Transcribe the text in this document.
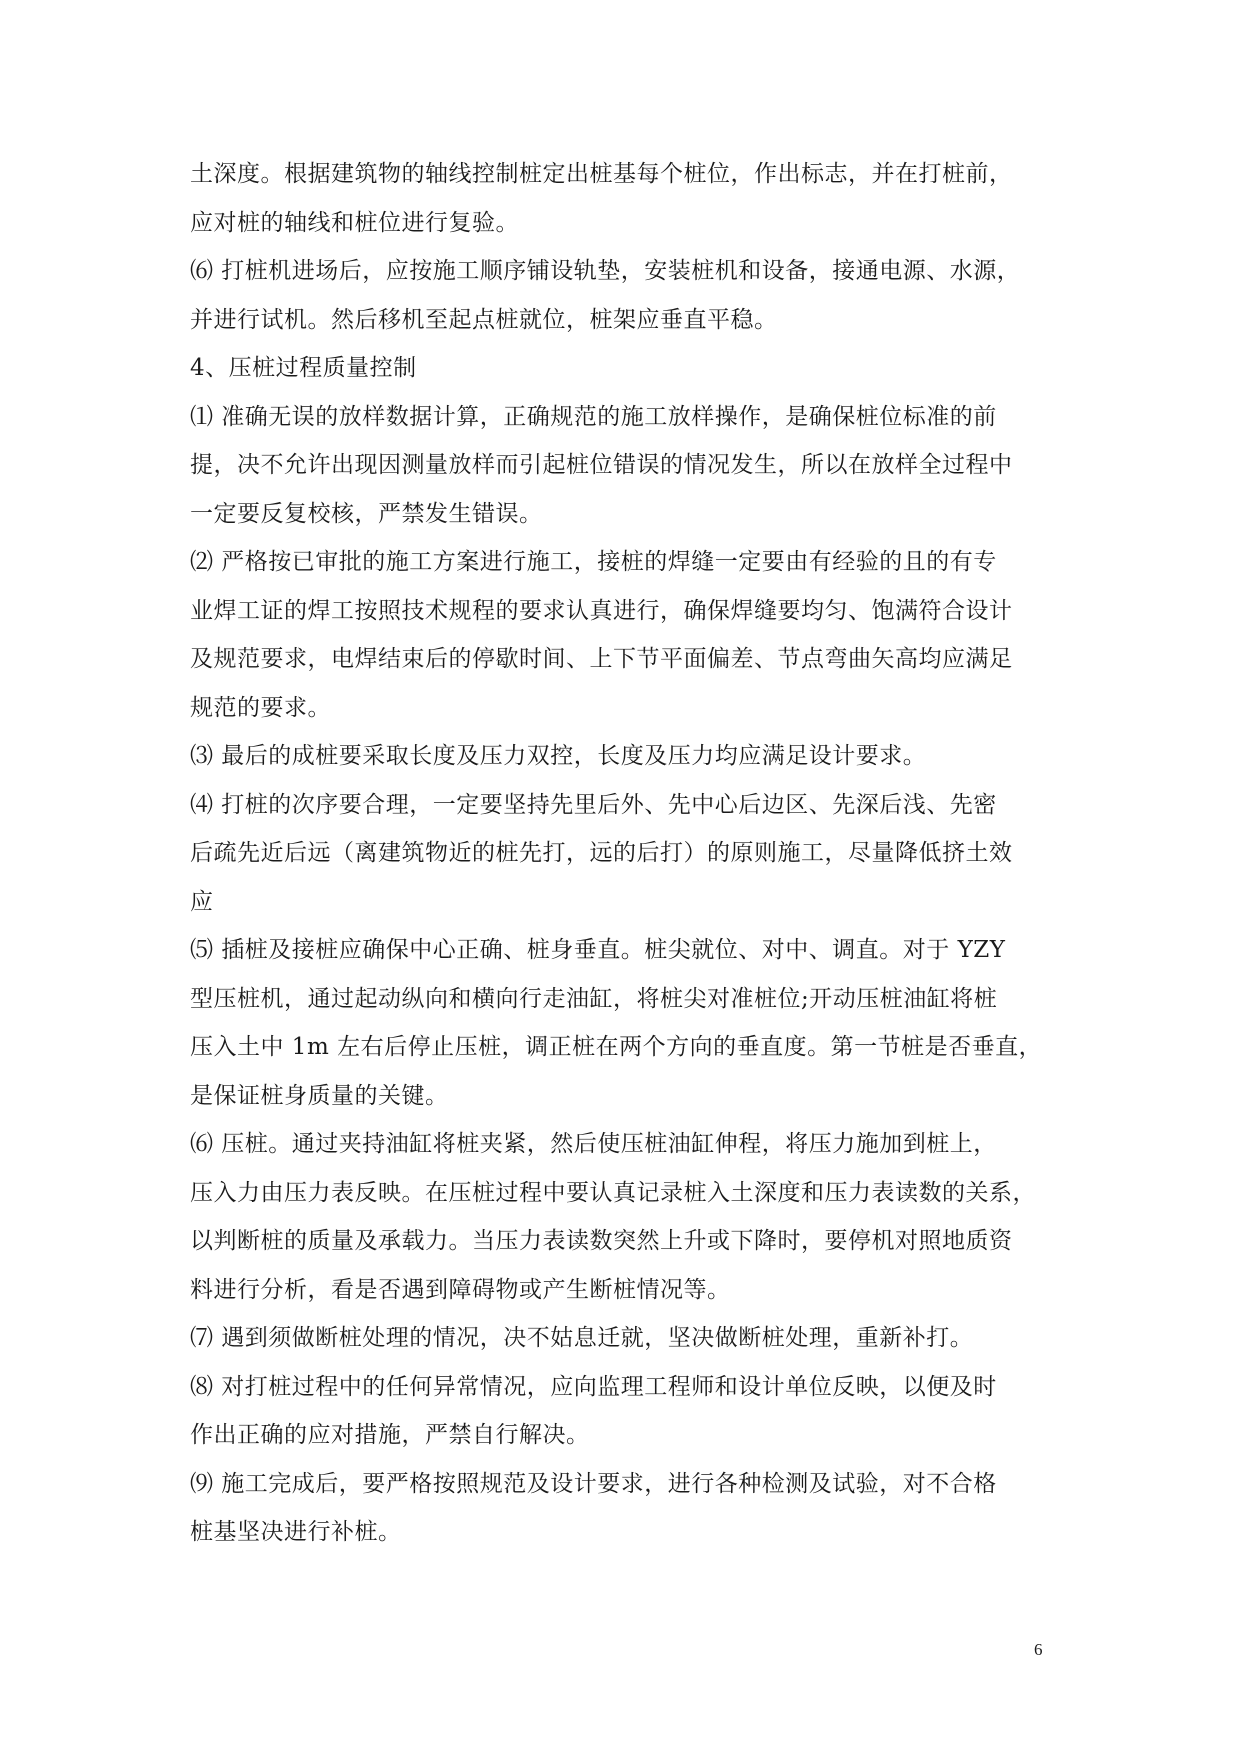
土深度。根据建筑物的轴线控制桩定出桩基每个桩位，作出标志，并在打桩前，
应对桩的轴线和桩位进行复验。
⑹ 打桩机进场后，应按施工顺序铺设轨垫，安装桩机和设备，接通电源、水源，
并进行试机。然后移机至起点桩就位，桩架应垂直平稳。
4、压桩过程质量控制
⑴ 准确无误的放样数据计算，正确规范的施工放样操作，是确保桩位标准的前
提，决不允许出现因测量放样而引起桩位错误的情况发生，所以在放样全过程中
一定要反复校核，严禁发生错误。
⑵ 严格按已审批的施工方案进行施工，接桩的焊缝一定要由有经验的且的有专
业焊工证的焊工按照技术规程的要求认真进行，确保焊缝要均匀、饱满符合设计
及规范要求，电焊结束后的停歇时间、上下节平面偏差、节点弯曲矢高均应满足
规范的要求。
⑶ 最后的成桩要采取长度及压力双控，长度及压力均应满足设计要求。
⑷ 打桩的次序要合理，一定要坚持先里后外、先中心后边区、先深后浅、先密
后疏先近后远（离建筑物近的桩先打，远的后打）的原则施工，尽量降低挤土效
应
⑸ 插桩及接桩应确保中心正确、桩身垂直。桩尖就位、对中、调直。对于 YZY
型压桩机，通过起动纵向和横向行走油缸，将桩尖对准桩位;开动压桩油缸将桩
压入土中 1m 左右后停止压桩，调正桩在两个方向的垂直度。第一节桩是否垂直，
是保证桩身质量的关键。
⑹ 压桩。通过夹持油缸将桩夹紧，然后使压桩油缸伸程，将压力施加到桩上，
压入力由压力表反映。在压桩过程中要认真记录桩入土深度和压力表读数的关系，
以判断桩的质量及承载力。当压力表读数突然上升或下降时，要停机对照地质资
料进行分析，看是否遇到障碍物或产生断桩情况等。
⑺ 遇到须做断桩处理的情况，决不姑息迁就，坚决做断桩处理，重新补打。
⑻ 对打桩过程中的任何异常情况，应向监理工程师和设计单位反映，以便及时
作出正确的应对措施，严禁自行解决。
⑼ 施工完成后，要严格按照规范及设计要求，进行各种检测及试验，对不合格
桩基坚决进行补桩。
6
